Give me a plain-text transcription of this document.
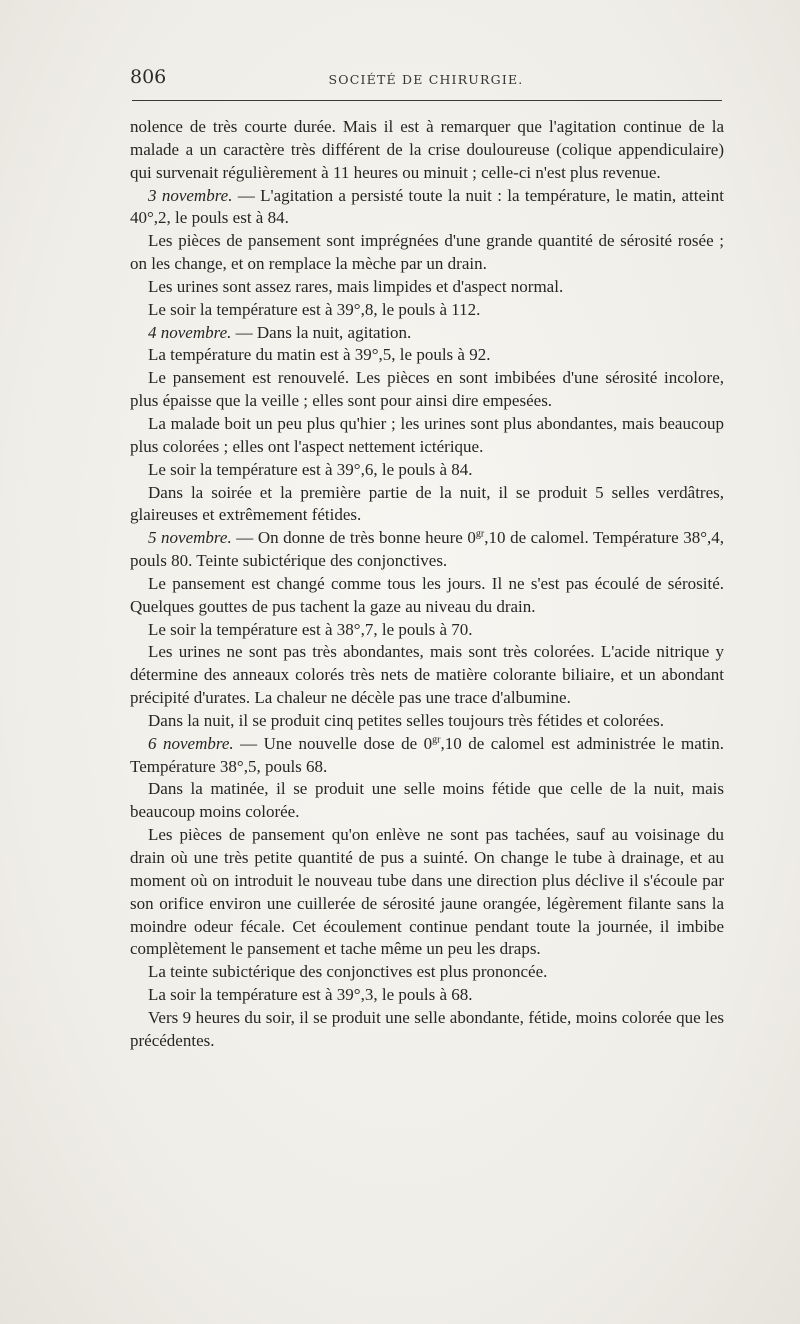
806	SOCIÉTÉ DE CHIRURGIE.

nolence de très courte durée. Mais il est à remarquer que l'agitation continue de la malade a un caractère très différent de la crise douloureuse (colique appendiculaire) qui survenait régulièrement à 11 heures ou minuit ; celle-ci n'est plus revenue.

3 novembre. — L'agitation a persisté toute la nuit : la température, le matin, atteint 40°,2, le pouls est à 84.

Les pièces de pansement sont imprégnées d'une grande quantité de sérosité rosée ; on les change, et on remplace la mèche par un drain.

Les urines sont assez rares, mais limpides et d'aspect normal.

Le soir la température est à 39°,8, le pouls à 112.

4 novembre. — Dans la nuit, agitation.

La température du matin est à 39°,5, le pouls à 92.

Le pansement est renouvelé. Les pièces en sont imbibées d'une sérosité incolore, plus épaisse que la veille ; elles sont pour ainsi dire empesées.

La malade boit un peu plus qu'hier ; les urines sont plus abondantes, mais beaucoup plus colorées ; elles ont l'aspect nettement ictérique.

Le soir la température est à 39°,6, le pouls à 84.

Dans la soirée et la première partie de la nuit, il se produit 5 selles verdâtres, glaireuses et extrêmement fétides.

5 novembre. — On donne de très bonne heure $0^{gr},10$ de calomel. Température 38°,4, pouls 80. Teinte subictérique des conjonctives.

Le pansement est changé comme tous les jours. Il ne s'est pas écoulé de sérosité. Quelques gouttes de pus tachent la gaze au niveau du drain.

Le soir la température est à 38°,7, le pouls à 70.

Les urines ne sont pas très abondantes, mais sont très colorées. L'acide nitrique y détermine des anneaux colorés très nets de matière colorante biliaire, et un abondant précipité d'urates. La chaleur ne décèle pas une trace d'albumine.

Dans la nuit, il se produit cinq petites selles toujours très fétides et colorées.

6 novembre. — Une nouvelle dose de $0^{gr},10$ de calomel est administrée le matin. Température 38°,5, pouls 68.

Dans la matinée, il se produit une selle moins fétide que celle de la nuit, mais beaucoup moins colorée.

Les pièces de pansement qu'on enlève ne sont pas tachées, sauf au voisinage du drain où une très petite quantité de pus a suinté. On change le tube à drainage, et au moment où on introduit le nouveau tube dans une direction plus déclive il s'écoule par son orifice environ une cuillerée de sérosité jaune orangée, légèrement filante sans la moindre odeur fécale. Cet écoulement continue pendant toute la journée, il imbibe complètement le pansement et tache même un peu les draps.

La teinte subictérique des conjonctives est plus prononcée.

La soir la température est à 39°,3, le pouls à 68.

Vers 9 heures du soir, il se produit une selle abondante, fétide, moins colorée que les précédentes.
